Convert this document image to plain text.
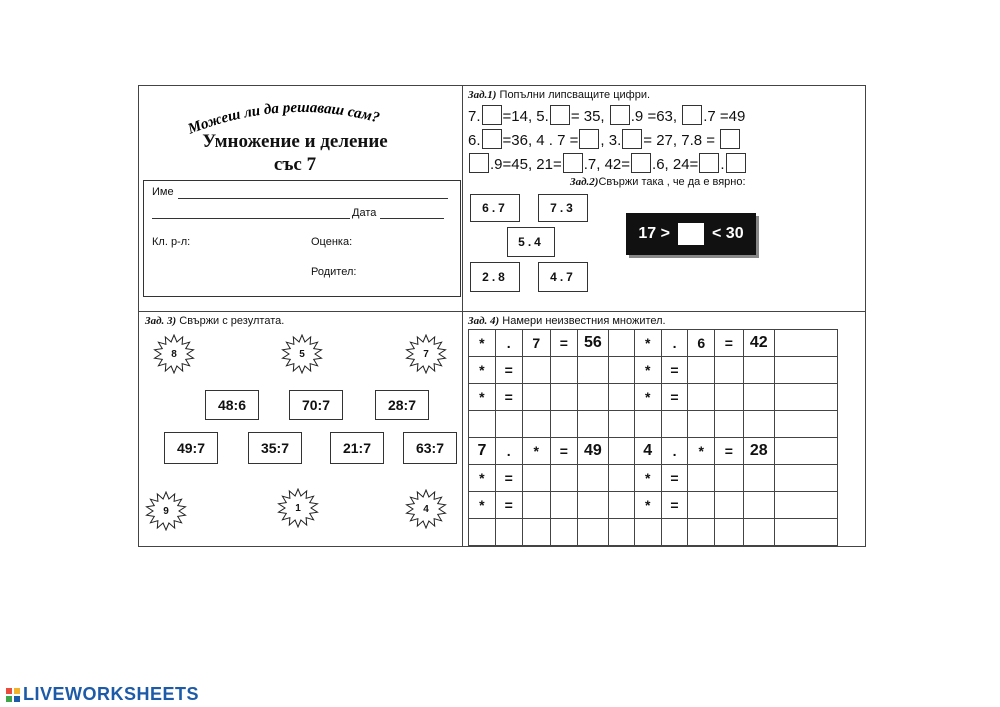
Можеш ли да решаваш сам?
Умножение и деление
със 7
Име
Дата
Кл. р-л:	Оценка:
Родител:
Зад.1) Попълни липсващите цифри.
7. =14, 5. = 35, .9 =63, .7 =49
6. =36, 4 . 7 = , 3. = 27, 7.8 =
.9=45, 21= .7, 42= .6, 24= .
Зад.2)Свържи така , че да е вярно:
6.7	7.3
5.4
2.8	4.7
17 >	< 30
Зад. 3) Свържи с резултата.
8	5	7
9	1	4
48:6	70:7	28:7
49:7	35:7	21:7	63:7
Зад. 4) Намери неизвестния множител.
*	.	7	=	56		*	.	6	=	42	
*	=					*	=				
*	=					*	=				

7	.	*	=	49		4	.	*	=	28	
*	=					*	=				
*	=					*	=				

LIVEWORKSHEETS
